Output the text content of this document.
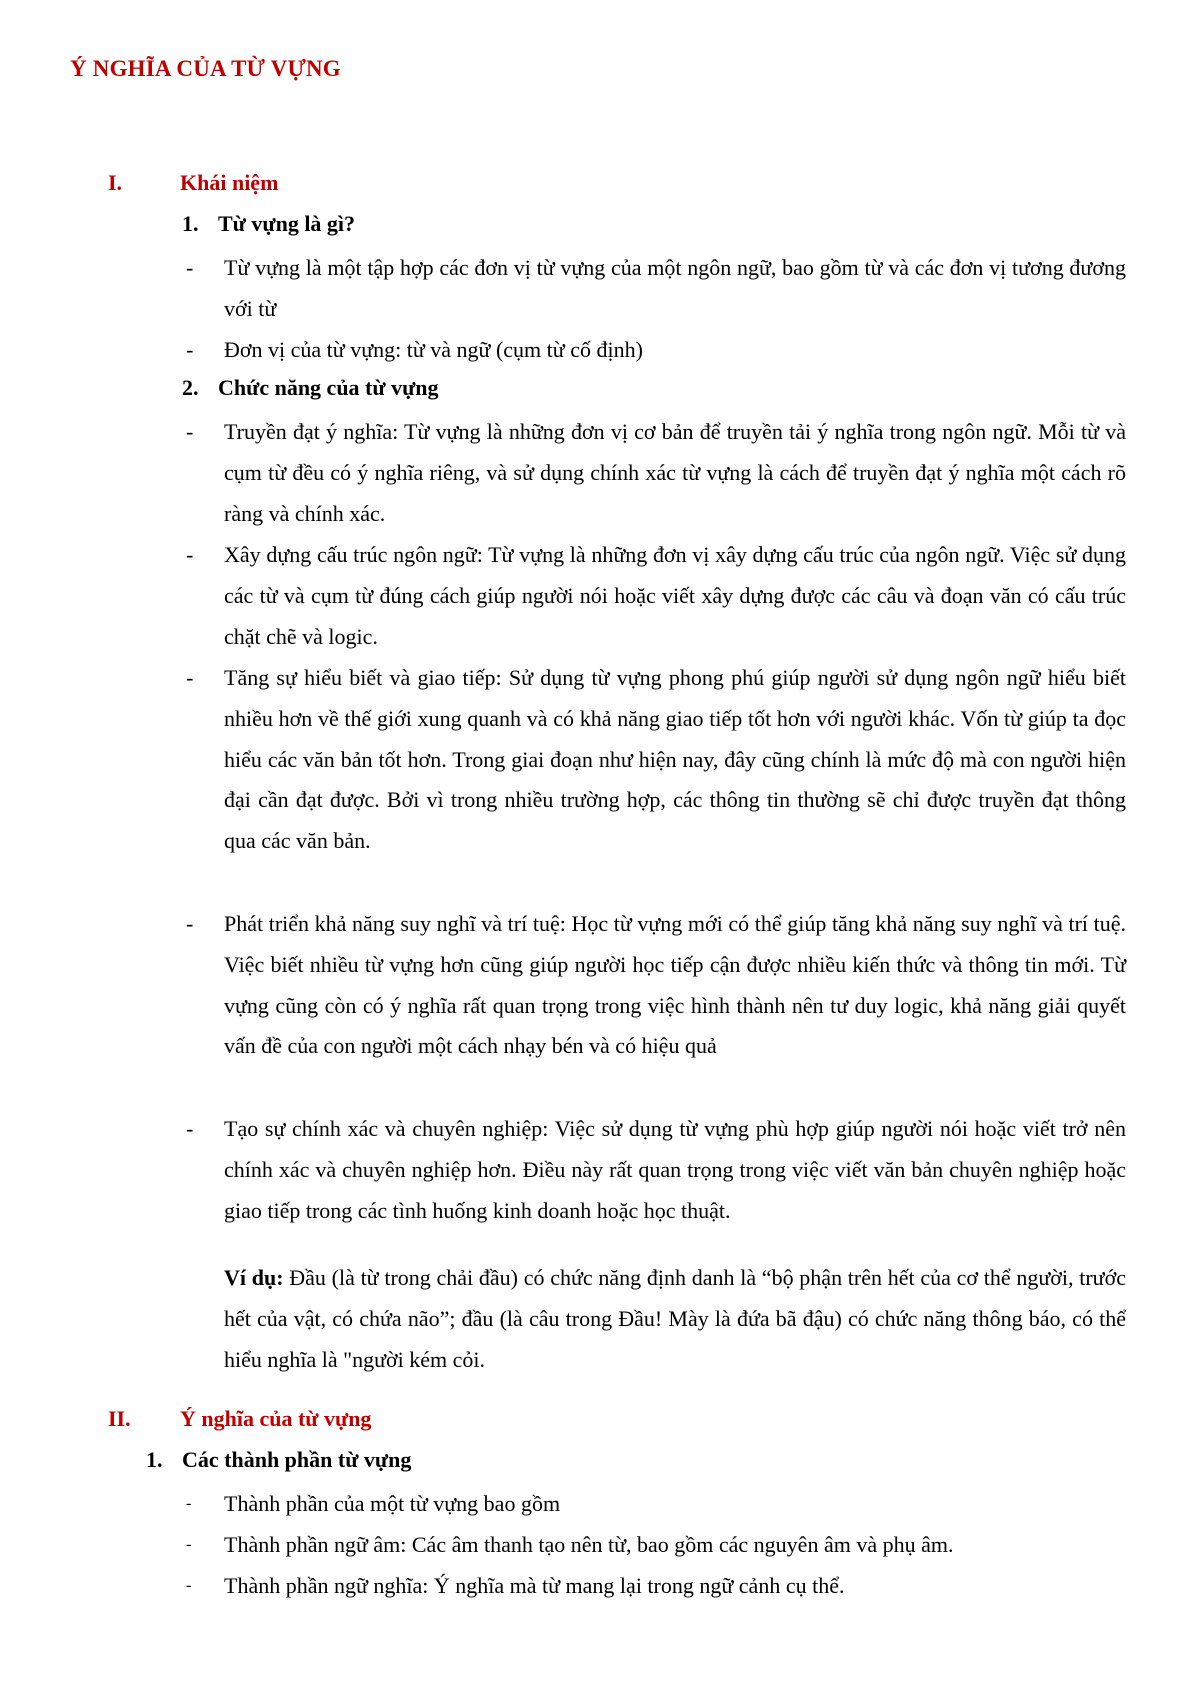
Ý NGHĨA CỦA TỪ VỰNG
I.	Khái niệm
1. Từ vựng là gì?
- Từ vựng là một tập hợp các đơn vị từ vựng của một ngôn ngữ, bao gồm từ và các đơn vị tương đương với từ
- Đơn vị của từ vựng: từ và ngữ (cụm từ cố định)
2. Chức năng của từ vựng
- Truyền đạt ý nghĩa: Từ vựng là những đơn vị cơ bản để truyền tải ý nghĩa trong ngôn ngữ. Mỗi từ và cụm từ đều có ý nghĩa riêng, và sử dụng chính xác từ vựng là cách để truyền đạt ý nghĩa một cách rõ ràng và chính xác.
- Xây dựng cấu trúc ngôn ngữ: Từ vựng là những đơn vị xây dựng cấu trúc của ngôn ngữ. Việc sử dụng các từ và cụm từ đúng cách giúp người nói hoặc viết xây dựng được các câu và đoạn văn có cấu trúc chặt chẽ và logic.
- Tăng sự hiểu biết và giao tiếp: Sử dụng từ vựng phong phú giúp người sử dụng ngôn ngữ hiểu biết nhiều hơn về thế giới xung quanh và có khả năng giao tiếp tốt hơn với người khác. Vốn từ giúp ta đọc hiểu các văn bản tốt hơn. Trong giai đoạn như hiện nay, đây cũng chính là mức độ mà con người hiện đại cần đạt được. Bởi vì trong nhiều trường hợp, các thông tin thường sẽ chỉ được truyền đạt thông qua các văn bản.
- Phát triển khả năng suy nghĩ và trí tuệ: Học từ vựng mới có thể giúp tăng khả năng suy nghĩ và trí tuệ. Việc biết nhiều từ vựng hơn cũng giúp người học tiếp cận được nhiều kiến thức và thông tin mới. Từ vựng cũng còn có ý nghĩa rất quan trọng trong việc hình thành nên tư duy logic, khả năng giải quyết vấn đề của con người một cách nhạy bén và có hiệu quả
- Tạo sự chính xác và chuyên nghiệp: Việc sử dụng từ vựng phù hợp giúp người nói hoặc viết trở nên chính xác và chuyên nghiệp hơn. Điều này rất quan trọng trong việc viết văn bản chuyên nghiệp hoặc giao tiếp trong các tình huống kinh doanh hoặc học thuật.
Ví dụ: Đầu (là từ trong chải đầu) có chức năng định danh là “bộ phận trên hết của cơ thể người, trước hết của vật, có chứa não”; đầu (là câu trong Đầu! Mày là đứa bã đậu) có chức năng thông báo, có thể hiểu nghĩa là "người kém cỏi.
II. Ý nghĩa của từ vựng
1. Các thành phần từ vựng
- Thành phần của một từ vựng bao gồm
- Thành phần ngữ âm: Các âm thanh tạo nên từ, bao gồm các nguyên âm và phụ âm.
- Thành phần ngữ nghĩa: Ý nghĩa mà từ mang lại trong ngữ cảnh cụ thể.
